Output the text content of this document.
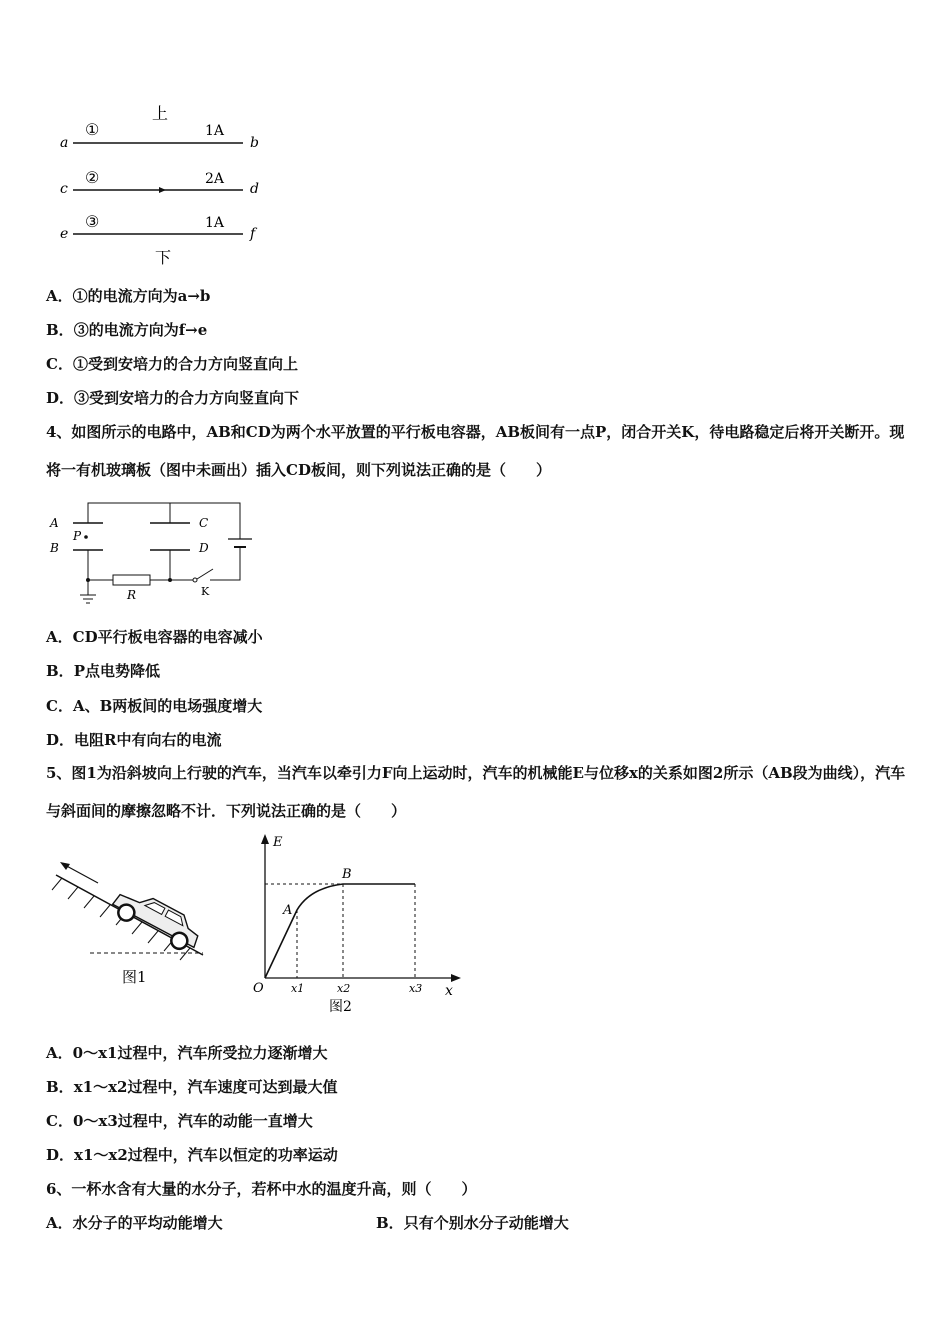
上
a
①	1A
b
c
②	2A
d
e
③	1A
f
下
A．①的电流方向为a→b
B．③的电流方向为f→e
C．①受到安培力的合力方向竖直向上
D．③受到安培力的合力方向竖直向下
4、如图所示的电路中，AB和CD为两个水平放置的平行板电容器，AB板间有一点P，闭合开关K，待电路稳定后将开关断开。现将一有机玻璃板（图中未画出）插入CD板间，则下列说法正确的是（　　）
A
B
P
C
D
R	K
A．CD平行板电容器的电容减小
B．P点电势降低
C．A、B两板间的电场强度增大
D．电阻R中有向右的电流
5、图1为沿斜坡向上行驶的汽车，当汽车以牵引力F向上运动时，汽车的机械能E与位移x的关系如图2所示（AB段为曲线），汽车与斜面间的摩擦忽略不计．下列说法正确的是（　　）
图1
E
x
O
A
B
x1	x2	x3
图2
A．0～x1过程中，汽车所受拉力逐渐增大
B．x1～x2过程中，汽车速度可达到最大值
C．0～x3过程中，汽车的动能一直增大
D．x1～x2过程中，汽车以恒定的功率运动
6、一杯水含有大量的水分子，若杯中水的温度升高，则（　　）
A．水分子的平均动能增大	B．只有个别水分子动能增大
